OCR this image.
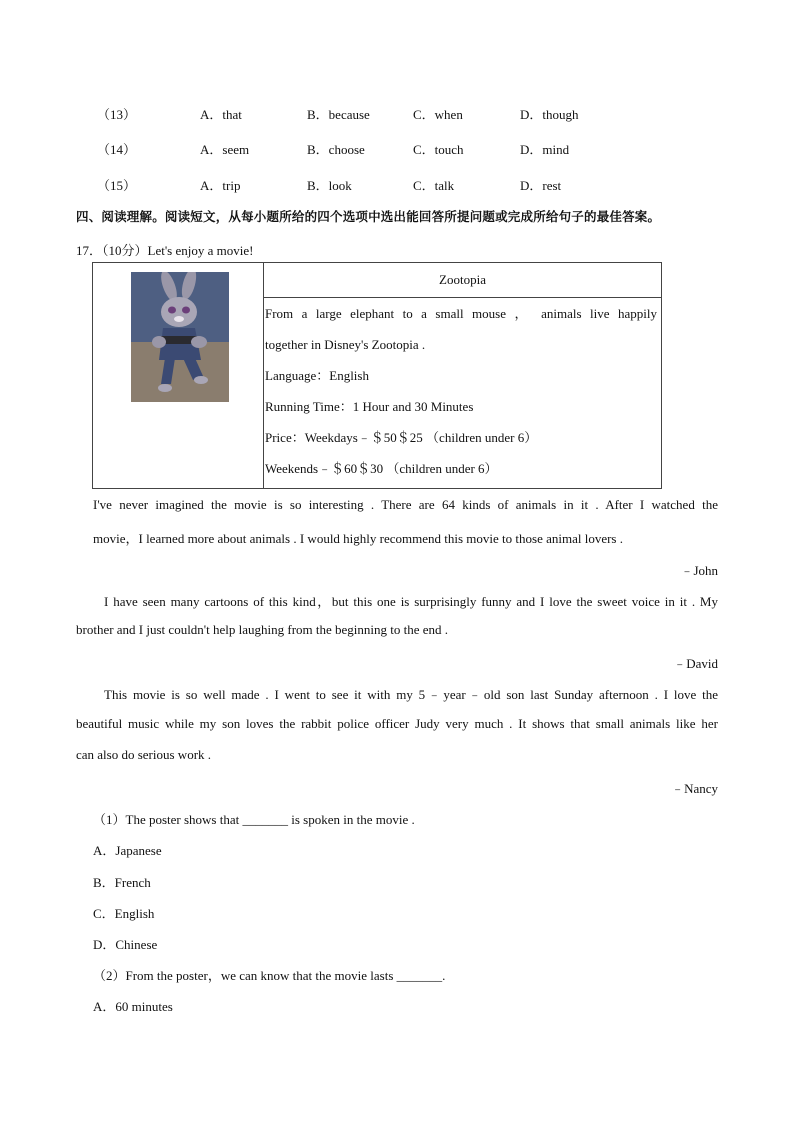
（13）	A．that	B．because	C．when	D．though
（14）	A．seem	B．choose	C．touch	D．mind
（15）	A．trip	B．look	C．talk	D．rest
四、阅读理解。阅读短文，从每小题所给的四个选项中选出能回答所提问题或完成所给句子的最佳答案。
17．（10分）Let's enjoy a movie!

Zootopia
From a large elephant to a small mouse ， animals live happily
together in Disney's Zootopia .
Language：English
Running Time：1 Hour and 30 Minutes
Price：Weekdays﹣＄50＄25 （children under 6）
Weekends﹣＄60＄30 （children under 6）
I've never imagined the movie is so interesting . There are 64 kinds of animals in it . After I watched the
movie，I learned more about animals . I would highly recommend this movie to those animal lovers .
﹣John
I have seen many cartoons of this kind，but this one is surprisingly funny and I love the sweet voice in it . My
brother and I just couldn't help laughing from the beginning to the end .
﹣David
This movie is so well made . I went to see it with my 5﹣year﹣old son last Sunday afternoon . I love the
beautiful music while my son loves the rabbit police officer Judy very much . It shows that small animals like her
can also do serious work .
﹣Nancy
（1）The poster shows that _______ is spoken in the movie .
A．Japanese
B．French
C．English
D．Chinese
（2）From the poster，we can know that the movie lasts _______.
A．60 minutes
